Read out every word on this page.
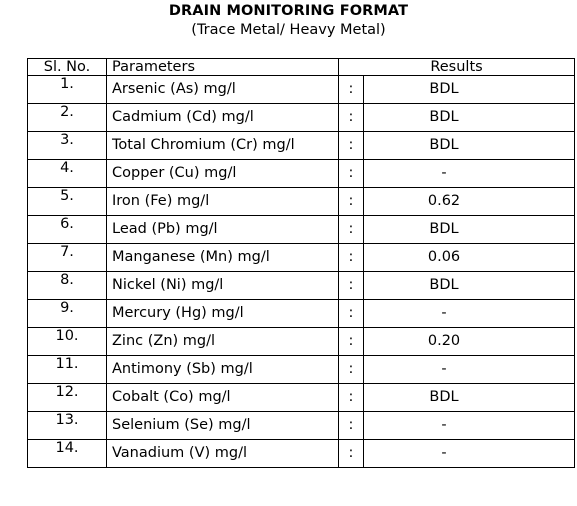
DRAIN MONITORING FORMAT
(Trace Metal/ Heavy Metal)
Sl. No.	Parameters	Results	
1.	Arsenic (As) mg/l	:	BDL
2.	Cadmium (Cd) mg/l	:	BDL
3.	Total Chromium (Cr) mg/l	:	BDL
4.	Copper (Cu) mg/l	:	-
5.	Iron (Fe) mg/l	:	0.62
6.	Lead (Pb) mg/l	:	BDL
7.	Manganese (Mn) mg/l	:	0.06
8.	Nickel (Ni) mg/l	:	BDL
9.	Mercury (Hg) mg/l	:	-
10.	Zinc (Zn) mg/l	:	0.20
11.	Antimony (Sb) mg/l	:	-
12.	Cobalt (Co) mg/l	:	BDL
13.	Selenium (Se) mg/l	:	-
14.	Vanadium (V) mg/l	:	-
